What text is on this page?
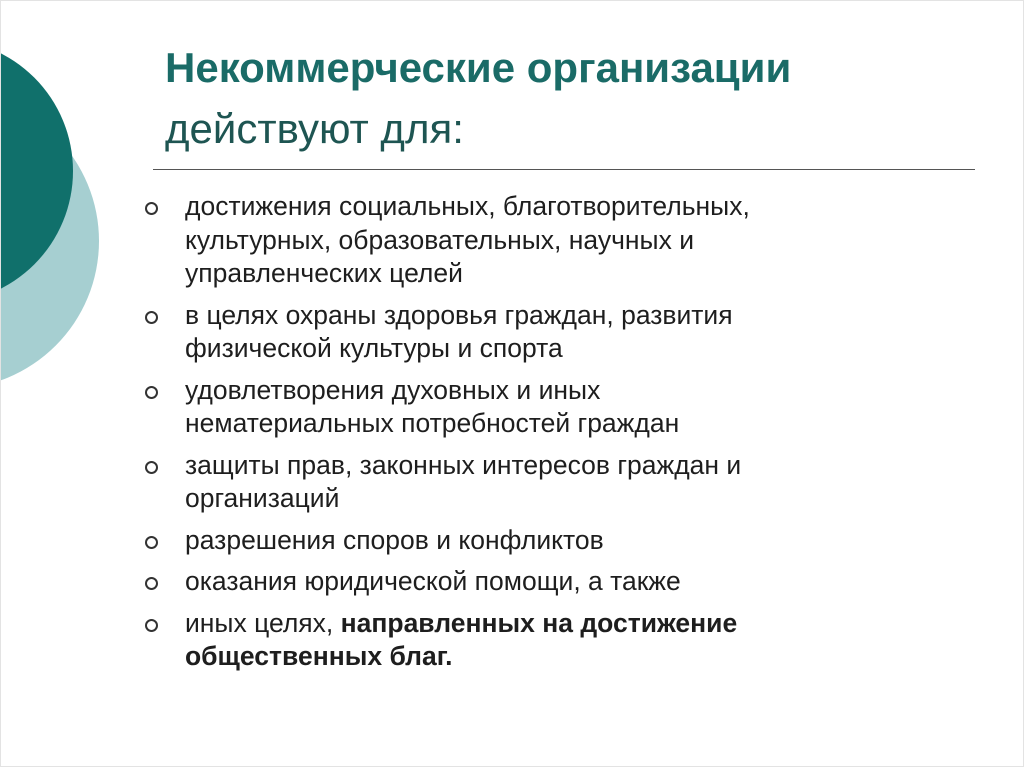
Некоммерческие организации
действуют для:
достижения социальных, благотворительных,
культурных, образовательных, научных и
управленческих целей
в целях охраны здоровья граждан, развития
физической культуры и спорта
удовлетворения духовных и иных
нематериальных потребностей граждан
защиты прав, законных интересов граждан и
организаций
разрешения споров и конфликтов
оказания юридической помощи, а также
иных целях, направленных на достижение
общественных благ.
